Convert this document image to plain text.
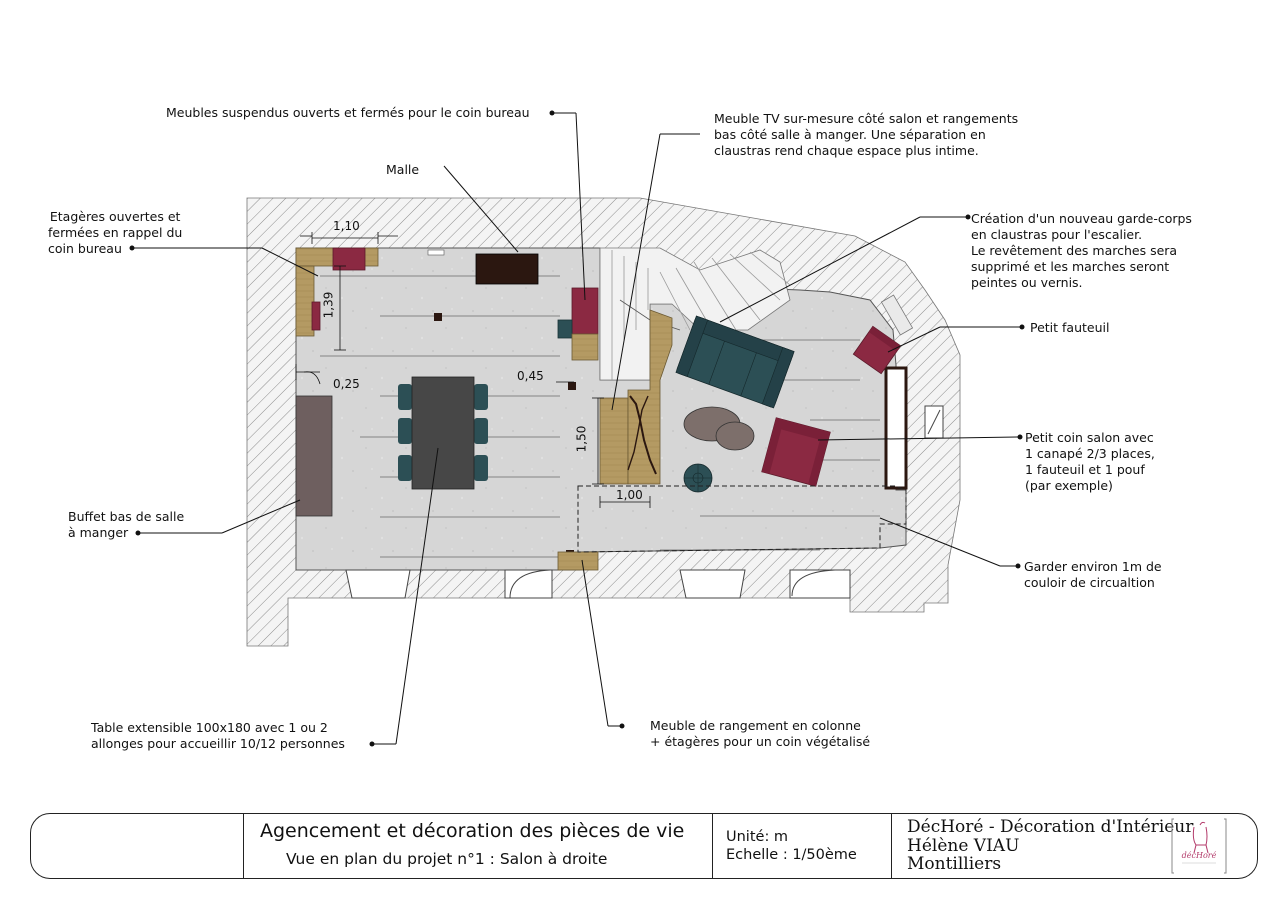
Meubles suspendus ouverts et fermés pour le coin bureau
Malle
Etagères ouvertes et
fermées en rappel du
coin bureau
Meuble TV sur-mesure côté salon et rangements
bas côté salle à manger. Une séparation en
claustras rend chaque espace plus intime.
Création d'un nouveau garde-corps
en claustras pour l'escalier.
Le revêtement des marches sera
supprimé et les marches seront
peintes ou vernis.
Petit fauteuil
Petit coin salon avec
1 canapé 2/3 places,
1 fauteuil et 1 pouf
(par exemple)
Buffet bas de salle
à manger
Garder environ 1m de
couloir de circualtion
Table extensible 100x180 avec 1 ou 2
allonges pour accueillir 10/12 personnes
Meuble de rangement en colonne
+ étagères pour un coin végétalisé
1,10
1,39
0,25
0,45
1,50
1,00
Agencement et décoration des pièces de vie
Vue en plan du projet n°1 : Salon à droite
Unité: m
Echelle : 1/50ème
DécHoré - Décoration d'Intérieur
Hélène VIAU
Montilliers	décHoré
